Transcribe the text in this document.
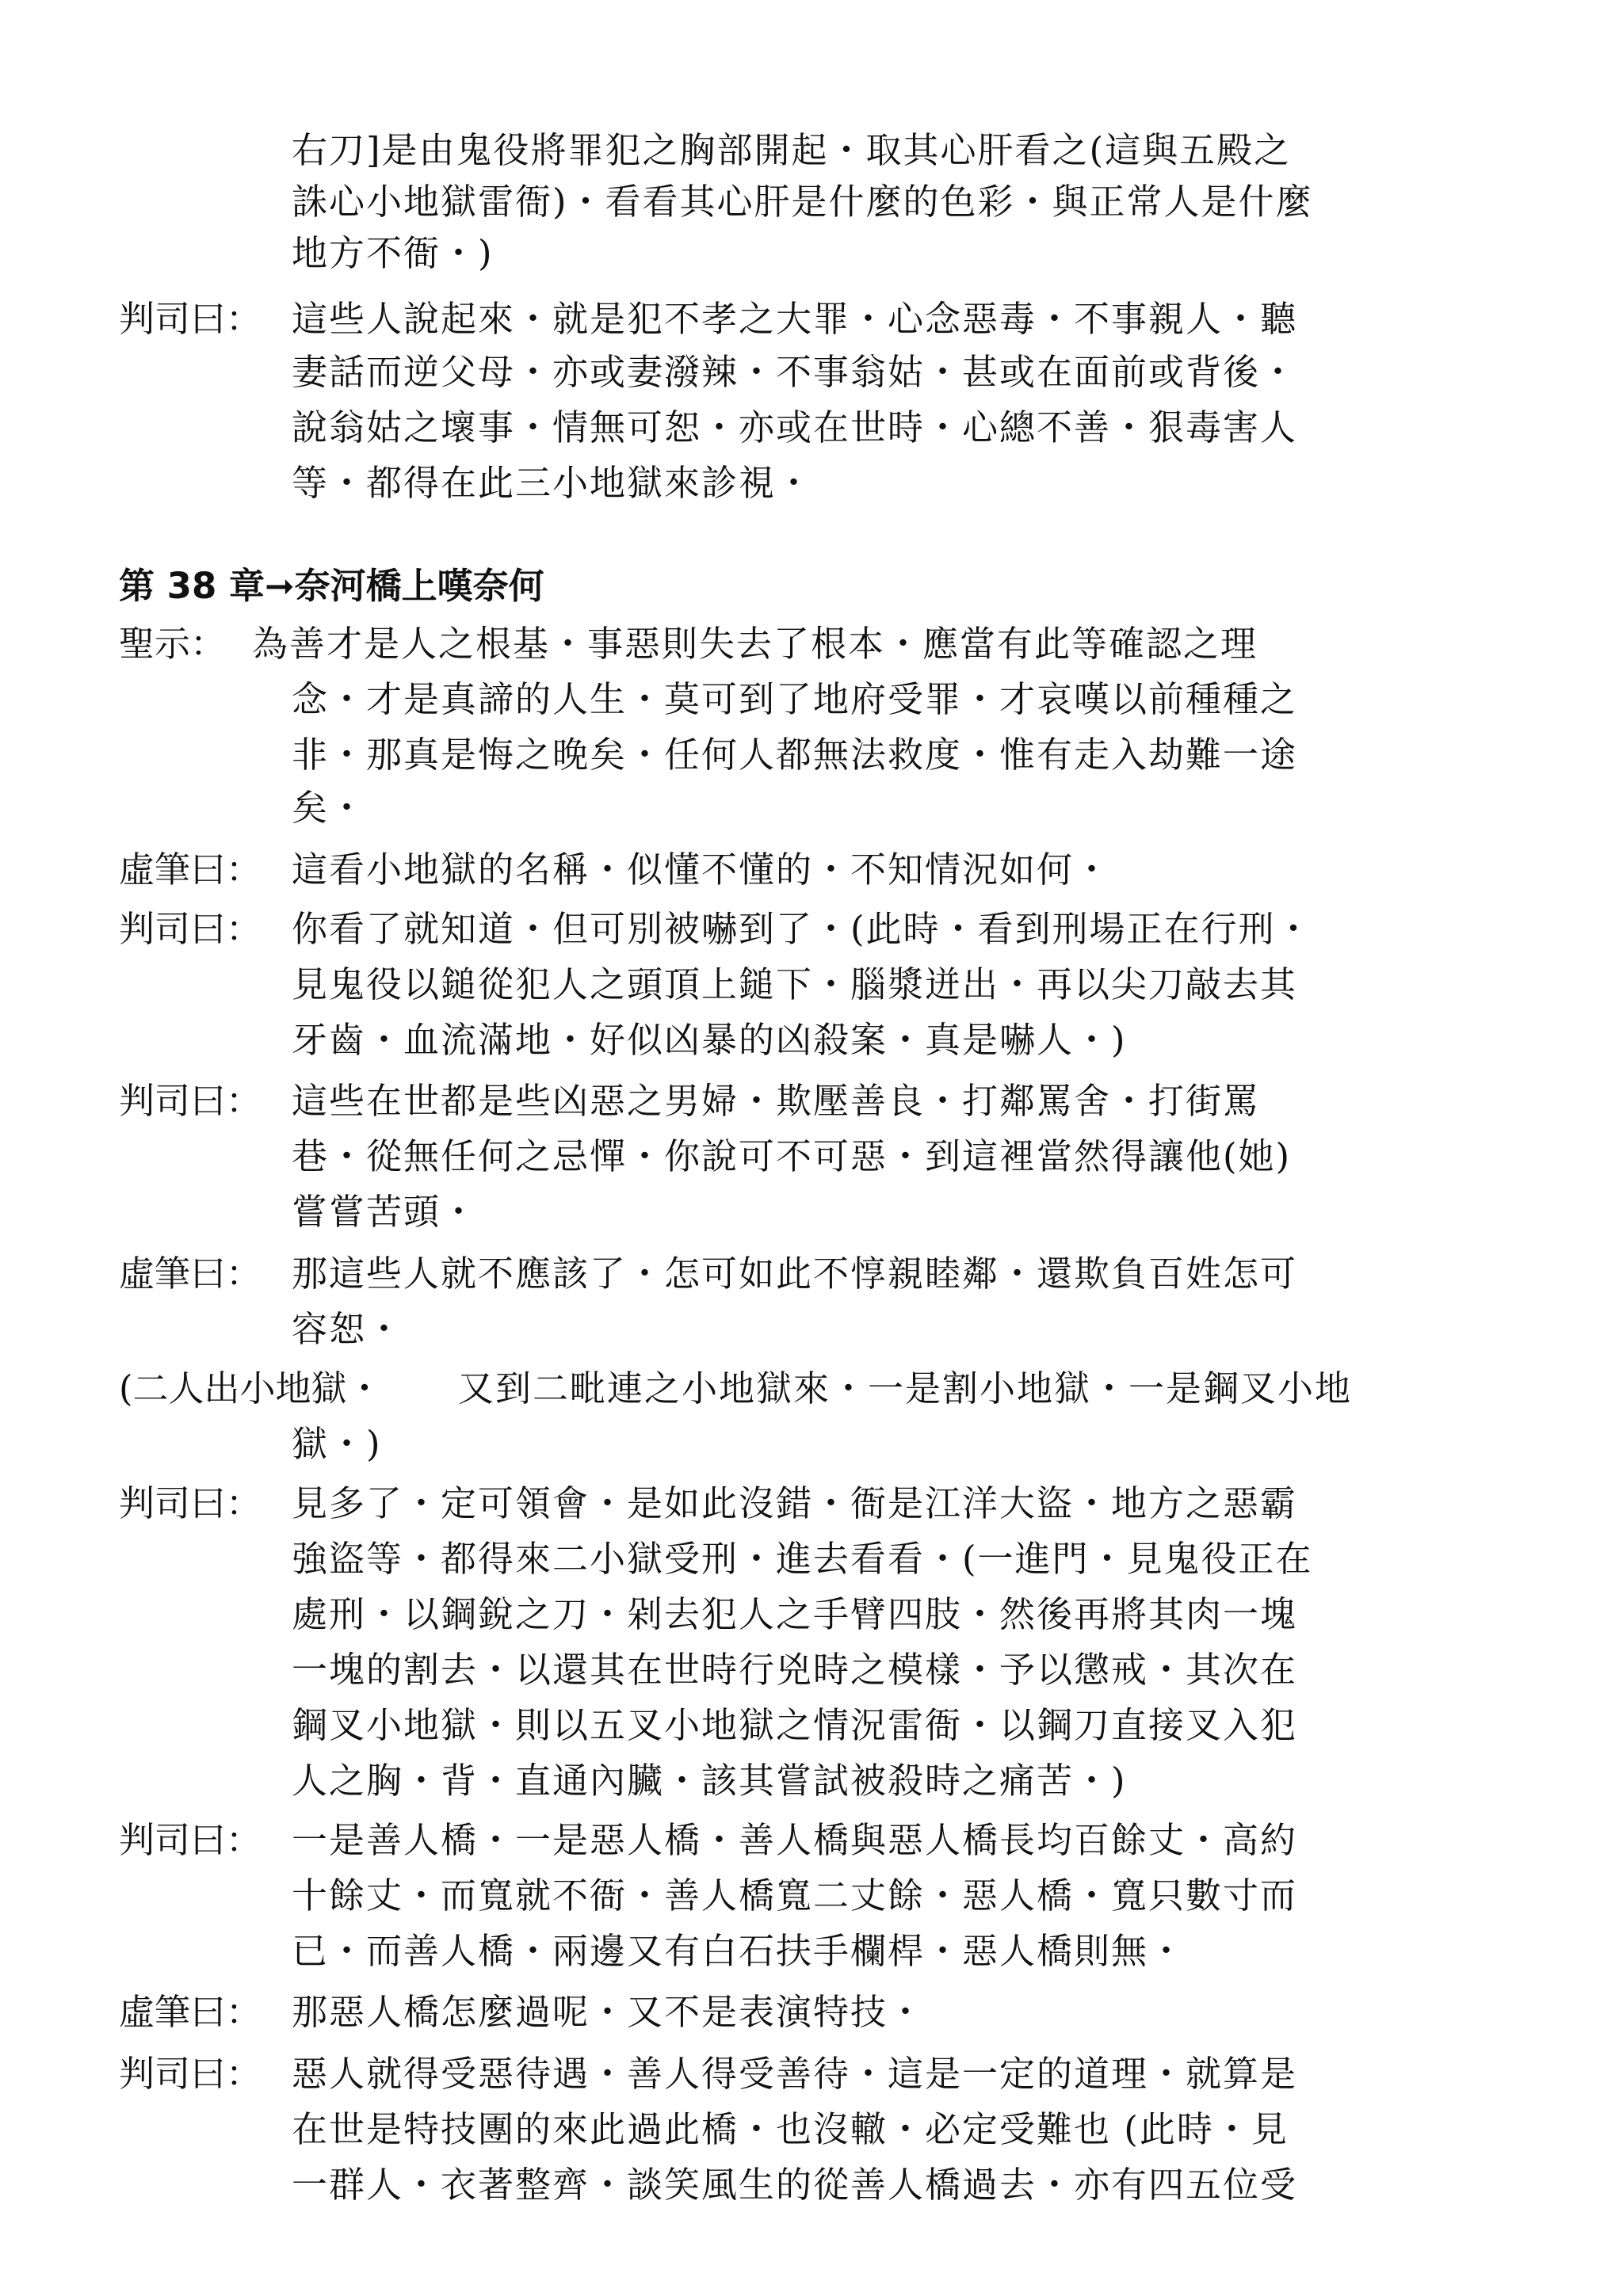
右刀]是由鬼役將罪犯之胸部開起・取其心肝看之(這與五殿之
誅心小地獄雷衙)・看看其心肝是什麼的色彩・與正常人是什麼
地方不衙・)
判司曰： 這些人說起來・就是犯不孝之大罪・心念惡毒・不事親人・聽
妻話而逆父母・亦或妻潑辣・不事翁姑・甚或在面前或背後・
說翁姑之壞事・情無可恕・亦或在世時・心總不善・狠毒害人
等・都得在此三小地獄來診視・
第 38 章➞奈河橋上嘆奈何
聖示： 為善才是人之根基・事惡則失去了根本・應當有此等確認之理
念・才是真諦的人生・莫可到了地府受罪・才哀嘆以前種種之
非・那真是悔之晚矣・任何人都無法救度・惟有走入劫難一途
矣・
虛筆曰： 這看小地獄的名稱・似懂不懂的・不知情況如何・
判司曰： 你看了就知道・但可別被嚇到了・(此時・看到刑場正在行刑・
見鬼役以鎚從犯人之頭頂上鎚下・腦漿迸出・再以尖刀敲去其
牙齒・血流滿地・好似凶暴的凶殺案・真是嚇人・)
判司曰： 這些在世都是些凶惡之男婦・欺壓善良・打鄰罵舍・打街罵
巷・從無任何之忌憚・你說可不可惡・到這裡當然得讓他(她)
嘗嘗苦頭・
虛筆曰： 那這些人就不應該了・怎可如此不惇親睦鄰・還欺負百姓怎可
容恕・
(二人出小地獄・ 又到二毗連之小地獄來・一是割小地獄・一是鋼叉小地
獄・)
判司曰： 見多了・定可領會・是如此沒錯・衙是江洋大盜・地方之惡霸
強盜等・都得來二小獄受刑・進去看看・(一進門・見鬼役正在
處刑・以鋼銳之刀・剁去犯人之手臂四肢・然後再將其肉一塊
一塊的割去・以還其在世時行兇時之模樣・予以懲戒・其次在
鋼叉小地獄・則以五叉小地獄之情況雷衙・以鋼刀直接叉入犯
人之胸・背・直通內臟・該其嘗試被殺時之痛苦・)
判司曰： 一是善人橋・一是惡人橋・善人橋與惡人橋長均百餘丈・高約
十餘丈・而寬就不衙・善人橋寬二丈餘・惡人橋・寬只數寸而
已・而善人橋・兩邊又有白石扶手欄桿・惡人橋則無・
虛筆曰： 那惡人橋怎麼過呢・又不是表演特技・
判司曰： 惡人就得受惡待遇・善人得受善待・這是一定的道理・就算是
在世是特技團的來此過此橋・也沒轍・必定受難也 (此時・見
一群人・衣著整齊・談笑風生的從善人橋過去・亦有四五位受
